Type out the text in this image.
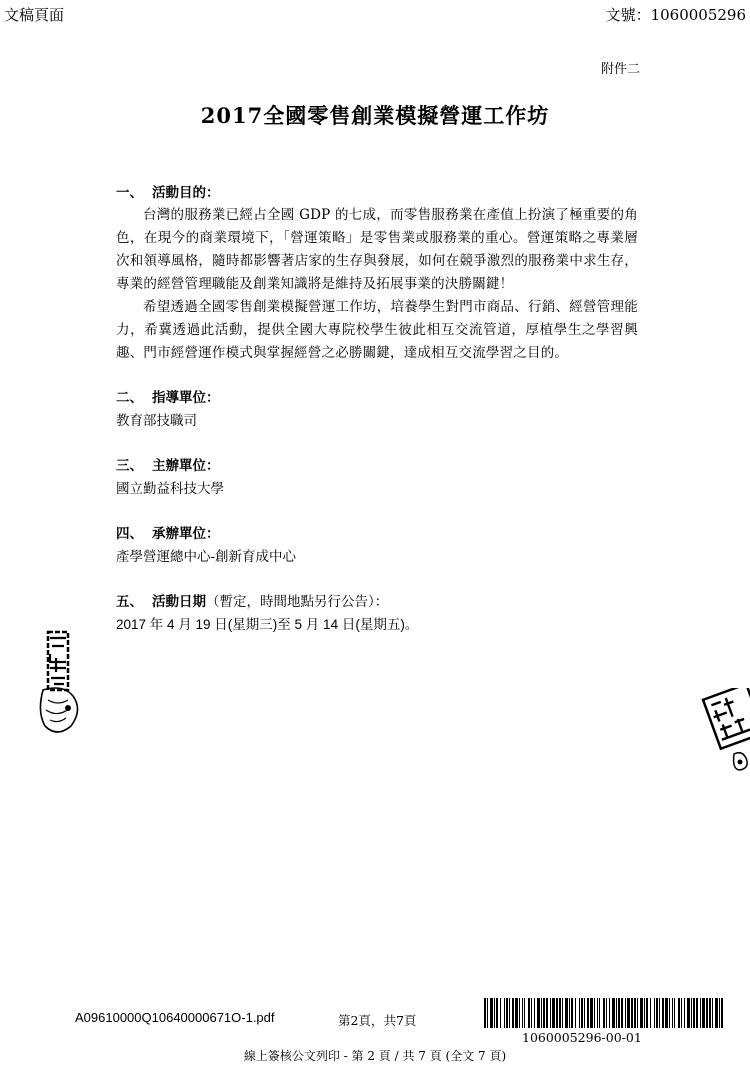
文稿頁面	文號：1060005296
附件二
2017全國零售創業模擬營運工作坊
一、 活動目的：

台灣的服務業已經占全國 GDP 的七成，而零售服務業在產值上扮演了極重要的角色，在現今的商業環境下，「營運策略」是零售業或服務業的重心。營運策略之專業層次和領導風格，隨時都影響著店家的生存與發展，如何在競爭激烈的服務業中求生存，專業的經營管理職能及創業知識將是維持及拓展事業的決勝關鍵！

希望透過全國零售創業模擬營運工作坊，培養學生對門市商品、行銷、經營管理能力，希冀透過此活動，提供全國大專院校學生彼此相互交流管道，厚植學生之學習興趣、門市經營運作模式與掌握經營之必勝關鍵，達成相互交流學習之目的。

二、 指導單位：

教育部技職司

三、 主辦單位：

國立勤益科技大學

四、 承辦單位：

產學營運總中心-創新育成中心

五、 活動日期（暫定，時間地點另行公告）：

2017 年 4 月 19 日(星期三)至 5 月 14 日(星期五)。

A09610000Q10640000671O-1.pdf	第2頁，共7頁
1060005296-00-01
線上簽核公文列印 - 第 2 頁 / 共 7 頁 (全文 7 頁)
